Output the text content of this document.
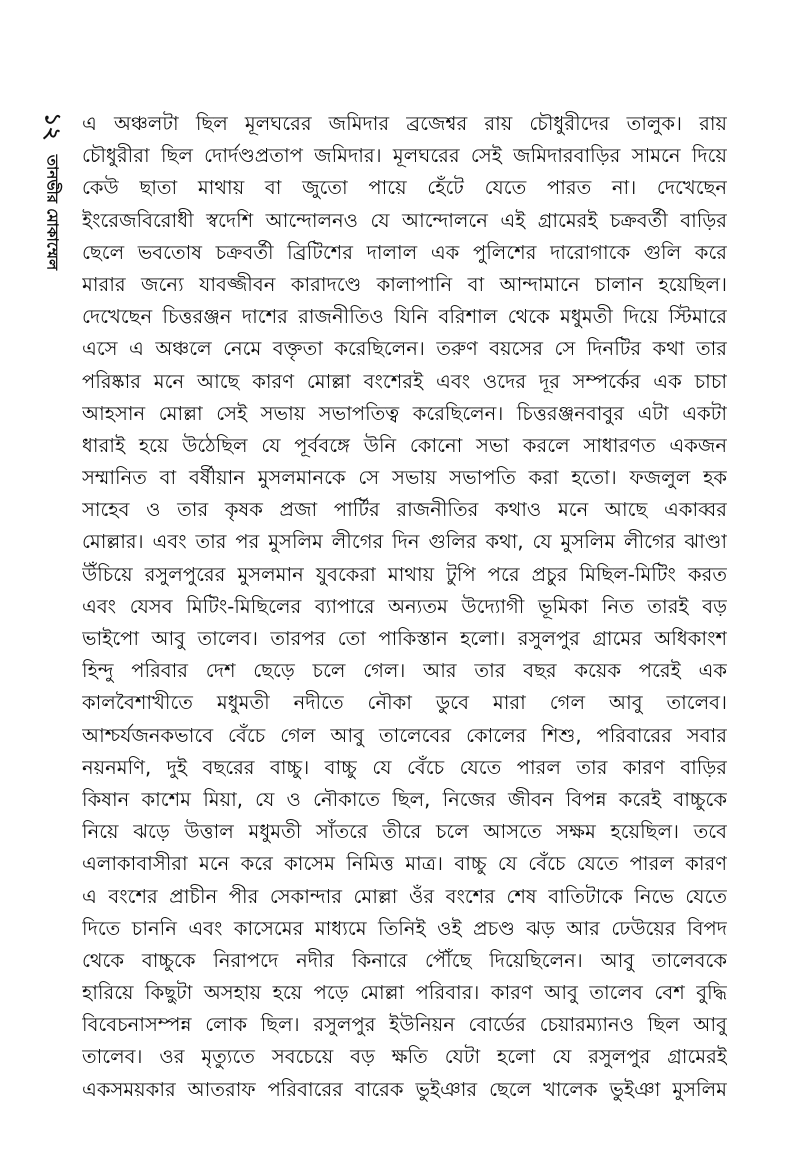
১২
তানভীর মোকাম্মেল
এ অঞ্চলটা ছিল মূলঘরের জমিদার ব্রজেশ্বর রায় চৌধুরীদের তালুক। রায়
চৌধুরীরা ছিল দোর্দণ্ডপ্রতাপ জমিদার। মূলঘরের সেই জমিদারবাড়ির সামনে দিয়ে
কেউ ছাতা মাথায় বা জুতো পায়ে হেঁটে যেতে পারত না। দেখেছেন
ইংরেজবিরোধী স্বদেশি আন্দোলনও যে আন্দোলনে এই গ্রামেরই চক্রবর্তী বাড়ির
ছেলে ভবতোষ চক্রবর্তী ব্রিটিশের দালাল এক পুলিশের দারোগাকে গুলি করে
মারার জন্যে যাবজ্জীবন কারাদণ্ডে কালাপানি বা আন্দামানে চালান হয়েছিল।
দেখেছেন চিত্তরঞ্জন দাশের রাজনীতিও যিনি বরিশাল থেকে মধুমতী দিয়ে স্টিমারে
এসে এ অঞ্চলে নেমে বক্তৃতা করেছিলেন। তরুণ বয়সের সে দিনটির কথা তার
পরিষ্কার মনে আছে কারণ মোল্লা বংশেরই এবং ওদের দূর সম্পর্কের এক চাচা
আহসান মোল্লা সেই সভায় সভাপতিত্ব করেছিলেন। চিত্তরঞ্জনবাবুর এটা একটা
ধারাই হয়ে উঠেছিল যে পূর্ববঙ্গে উনি কোনো সভা করলে সাধারণত একজন
সম্মানিত বা বর্ষীয়ান মুসলমানকে সে সভায় সভাপতি করা হতো। ফজলুল হক
সাহেব ও তার কৃষক প্রজা পার্টির রাজনীতির কথাও মনে আছে একাব্বর
মোল্লার। এবং তার পর মুসলিম লীগের দিন গুলির কথা, যে মুসলিম লীগের ঝাণ্ডা
উঁচিয়ে রসুলপুরের মুসলমান যুবকেরা মাথায় টুপি পরে প্রচুর মিছিল-মিটিং করত
এবং যেসব মিটিং-মিছিলের ব্যাপারে অন্যতম উদ্যোগী ভূমিকা নিত তারই বড়
ভাইপো আবু তালেব। তারপর তো পাকিস্তান হলো। রসুলপুর গ্রামের অধিকাংশ
হিন্দু পরিবার দেশ ছেড়ে চলে গেল। আর তার বছর কয়েক পরেই এক
কালবৈশাখীতে মধুমতী নদীতে নৌকা ডুবে মারা গেল আবু তালেব।
আশ্চর্যজনকভাবে বেঁচে গেল আবু তালেবের কোলের শিশু, পরিবারের সবার
নয়নমণি, দুই বছরের বাচ্চু। বাচ্চু যে বেঁচে যেতে পারল তার কারণ বাড়ির
কিষান কাশেম মিয়া, যে ও নৌকাতে ছিল, নিজের জীবন বিপন্ন করেই বাচ্চুকে
নিয়ে ঝড়ে উত্তাল মধুমতী সাঁতরে তীরে চলে আসতে সক্ষম হয়েছিল। তবে
এলাকাবাসীরা মনে করে কাসেম নিমিত্ত মাত্র। বাচ্চু যে বেঁচে যেতে পারল কারণ
এ বংশের প্রাচীন পীর সেকান্দার মোল্লা ওঁর বংশের শেষ বাতিটাকে নিভে যেতে
দিতে চাননি এবং কাসেমের মাধ্যমে তিনিই ওই প্রচণ্ড ঝড় আর ঢেউয়ের বিপদ
থেকে বাচ্চুকে নিরাপদে নদীর কিনারে পৌঁছে দিয়েছিলেন। আবু তালেবকে
হারিয়ে কিছুটা অসহায় হয়ে পড়ে মোল্লা পরিবার। কারণ আবু তালেব বেশ বুদ্ধি
বিবেচনাসম্পন্ন লোক ছিল। রসুলপুর ইউনিয়ন বোর্ডের চেয়ারম্যানও ছিল আবু
তালেব। ওর মৃত্যুতে সবচেয়ে বড় ক্ষতি যেটা হলো যে রসুলপুর গ্রামেরই
একসময়কার আতরাফ পরিবারের বারেক ভুইঞার ছেলে খালেক ভুইঞা মুসলিম
